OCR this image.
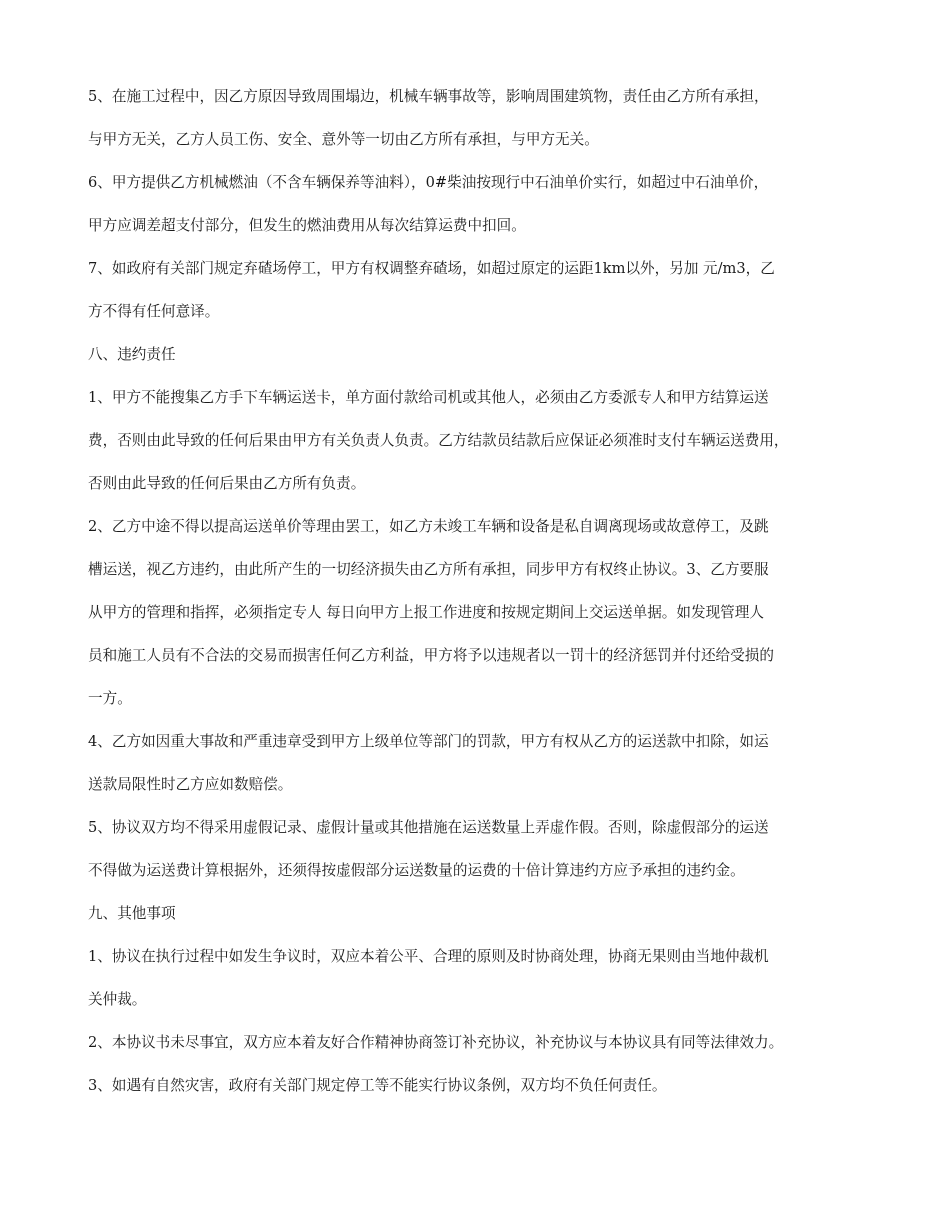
5、在施工过程中，因乙方原因导致周围塌边，机械车辆事故等，影响周围建筑物，责任由乙方所有承担，
与甲方无关，乙方人员工伤、安全、意外等一切由乙方所有承担，与甲方无关。
6、甲方提供乙方机械燃油（不含车辆保养等油料），0#柴油按现行中石油单价实行，如超过中石油单价，
甲方应调差超支付部分，但发生的燃油费用从每次结算运费中扣回。
7、如政府有关部门规定弃碴场停工，甲方有权调整弃碴场，如超过原定的运距1km以外，另加 元/m3，乙
方不得有任何意译。
八、违约责任
1、甲方不能搜集乙方手下车辆运送卡，单方面付款给司机或其他人，必须由乙方委派专人和甲方结算运送
费，否则由此导致的任何后果由甲方有关负责人负责。乙方结款员结款后应保证必须准时支付车辆运送费用，
否则由此导致的任何后果由乙方所有负责。
2、乙方中途不得以提高运送单价等理由罢工，如乙方未竣工车辆和设备是私自调离现场或故意停工，及跳
槽运送，视乙方违约，由此所产生的一切经济损失由乙方所有承担，同步甲方有权终止协议。3、乙方要服
从甲方的管理和指挥，必须指定专人 每日向甲方上报工作进度和按规定期间上交运送单据。如发现管理人
员和施工人员有不合法的交易而损害任何乙方利益，甲方将予以违规者以一罚十的经济惩罚并付还给受损的
一方。
4、乙方如因重大事故和严重违章受到甲方上级单位等部门的罚款，甲方有权从乙方的运送款中扣除，如运
送款局限性时乙方应如数赔偿。
5、协议双方均不得采用虚假记录、虚假计量或其他措施在运送数量上弄虚作假。否则，除虚假部分的运送
不得做为运送费计算根据外，还须得按虚假部分运送数量的运费的十倍计算违约方应予承担的违约金。
九、其他事项
1、协议在执行过程中如发生争议时，双应本着公平、合理的原则及时协商处理，协商无果则由当地仲裁机
关仲裁。
2、本协议书未尽事宜，双方应本着友好合作精神协商签订补充协议，补充协议与本协议具有同等法律效力。
3、如遇有自然灾害，政府有关部门规定停工等不能实行协议条例，双方均不负任何责任。
